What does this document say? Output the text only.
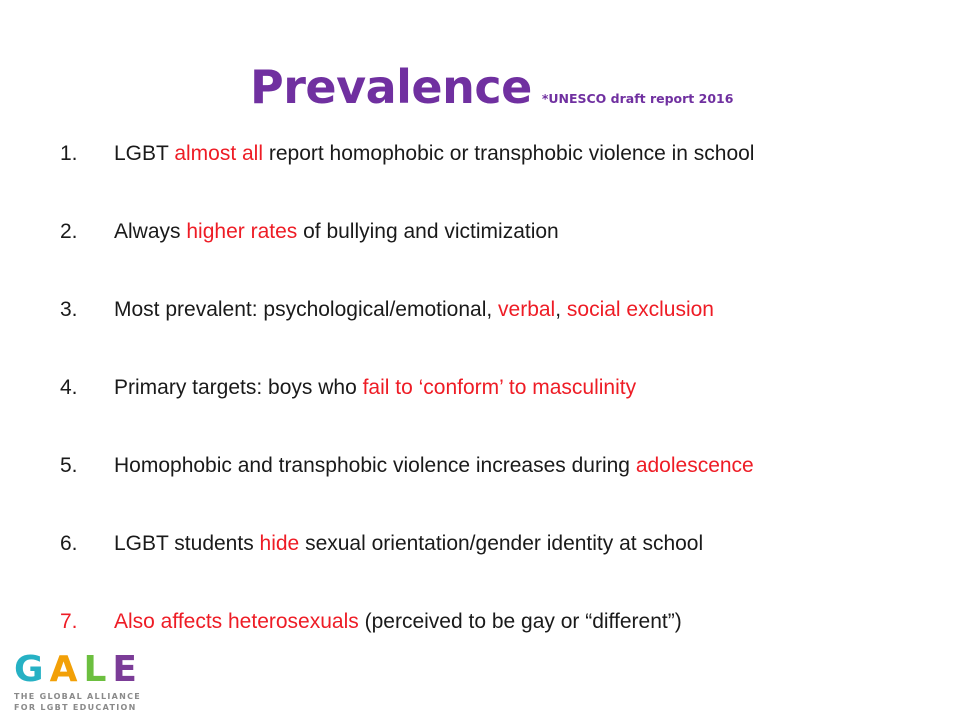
Prevalence *UNESCO draft report 2016
1.	LGBT almost all report homophobic or transphobic violence in school
2.	Always higher rates of bullying and victimization
3.	Most prevalent: psychological/emotional, verbal, social exclusion
4.	Primary targets: boys who fail to ‘conform’ to masculinity
5.	Homophobic and transphobic violence increases during adolescence
6.	LGBT students hide sexual orientation/gender identity at school
7.	Also affects heterosexuals (perceived to be gay or “different”)
GALE
THE GLOBAL ALLIANCE
FOR LGBT EDUCATION
